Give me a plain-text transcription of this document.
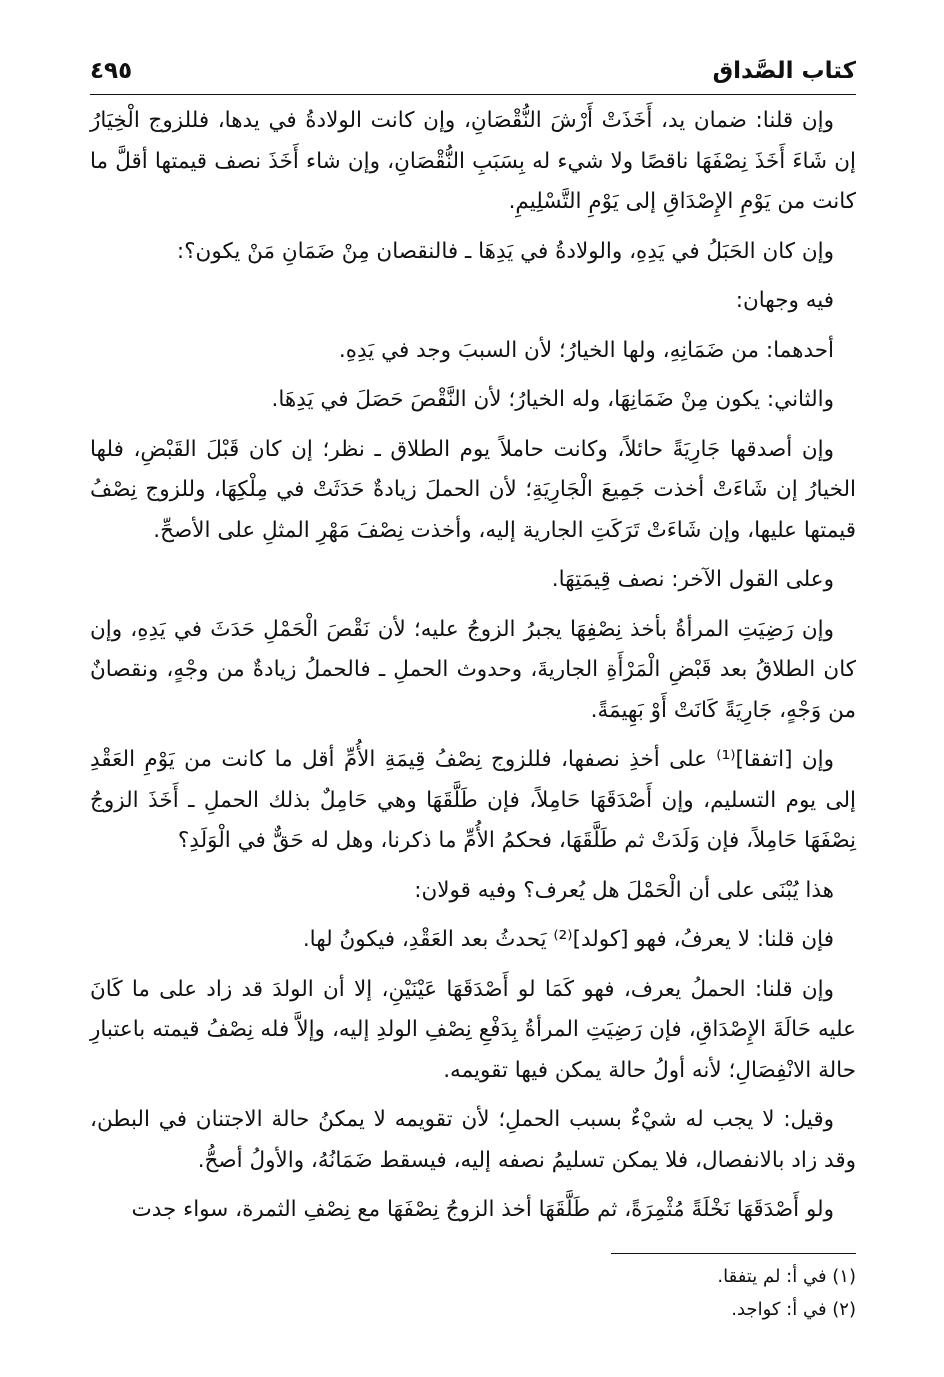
كتاب الصَّداق
٤٩٥

وإن قلنا: ضمان يد، أَخَذَتْ أَرْشَ النُّقْصَانِ، وإن كانت الولادةُ في يدها، فللزوج الْخِيَارُ إن شَاءَ أَخَذَ نِصْفَهَا ناقصًا ولا شيء له بِسَبَبِ النُّقْصَانِ، وإن شاء أَخَذَ نصف قيمتها أقلَّ ما كانت من يَوْمِ الإِصْدَاقِ إلى يَوْمِ التَّسْلِيمِ.

وإن كان الحَبَلُ في يَدِهِ، والولادةُ في يَدِهَا ـ فالنقصان مِنْ ضَمَانِ مَنْ يكون؟:

فيه وجهان:

أحدهما: من ضَمَانِهِ، ولها الخيارُ؛ لأن السببَ وجد في يَدِهِ.

والثاني: يكون مِنْ ضَمَانِهَا، وله الخيارُ؛ لأن النَّقْصَ حَصَلَ في يَدِهَا.

وإن أصدقها جَارِيَةً حائلاً، وكانت حاملاً يوم الطلاق ـ نظر؛ إن كان قَبْلَ القَبْضِ، فلها الخيارُ إن شَاءَتْ أخذت جَمِيعَ الْجَارِيَةِ؛ لأن الحملَ زيادةٌ حَدَثَتْ في مِلْكِهَا، وللزوج نِصْفُ قيمتها عليها، وإن شَاءَتْ تَرَكَتِ الجارية إليه، وأخذت نِصْفَ مَهْرِ المثلِ على الأصحِّ.

وعلى القول الآخر: نصف قِيمَتِهَا.

وإن رَضِيَتِ المرأةُ بأخذ نِصْفِهَا يجبرُ الزوجُ عليه؛ لأن نَقْصَ الْحَمْلِ حَدَثَ في يَدِهِ، وإن كان الطلاقُ بعد قَبْضِ الْمَرْأَةِ الجاريةَ، وحدوث الحملِ ـ فالحملُ زيادةٌ من وجْهٍ، ونقصانٌ من وَجْهٍ، جَارِيَةً كَانَتْ أَوْ بَهِيمَةً.

وإن [اتفقا]⁽¹⁾ على أخذِ نصفها، فللزوج نِصْفُ قِيمَةِ الأُمِّ أقل ما كانت من يَوْمِ العَقْدِ إلى يوم التسليم، وإن أَصْدَقَهَا حَامِلاً، فإن طَلَّقَهَا وهي حَامِلٌ بذلك الحملِ ـ أَخَذَ الزوجُ نِصْفَهَا حَامِلاً، فإن وَلَدَتْ ثم طَلَّقَهَا، فحكمُ الأُمِّ ما ذكرنا، وهل له حَقٌّ في الْوَلَدِ؟

هذا يُبْنَى على أن الْحَمْلَ هل يُعرف؟ وفيه قولان:

فإن قلنا: لا يعرفُ، فهو [كولد]⁽²⁾ يَحدثُ بعد العَقْدِ، فيكونُ لها.

وإن قلنا: الحملُ يعرف، فهو كَمَا لو أَصْدَقَهَا عَيْنَيْنِ، إلا أن الولدَ قد زاد على ما كَانَ عليه حَالَةَ الإِصْدَاقِ، فإن رَضِيَتِ المرأةُ بِدَفْعِ نِصْفِ الولدِ إليه، وإلاَّ فله نِصْفُ قيمته باعتبارِ حالة الانْفِصَالِ؛ لأنه أولُ حالة يمكن فيها تقويمه.

وقيل: لا يجب له شيْءٌ بسبب الحملِ؛ لأن تقويمه لا يمكنُ حالة الاجتنان في البطن، وقد زاد بالانفصال، فلا يمكن تسليمُ نصفه إليه، فيسقط ضَمَانُهُ، والأولُ أصحُّ.

ولو أَصْدَقَهَا نَخْلَةً مُثْمِرَةً، ثم طَلَّقَهَا أخذ الزوجُ نِصْفَهَا مع نِصْفِ الثمرة، سواء جدت

(١) في أ: لم يتفقا.

(٢) في أ: كواجد.
